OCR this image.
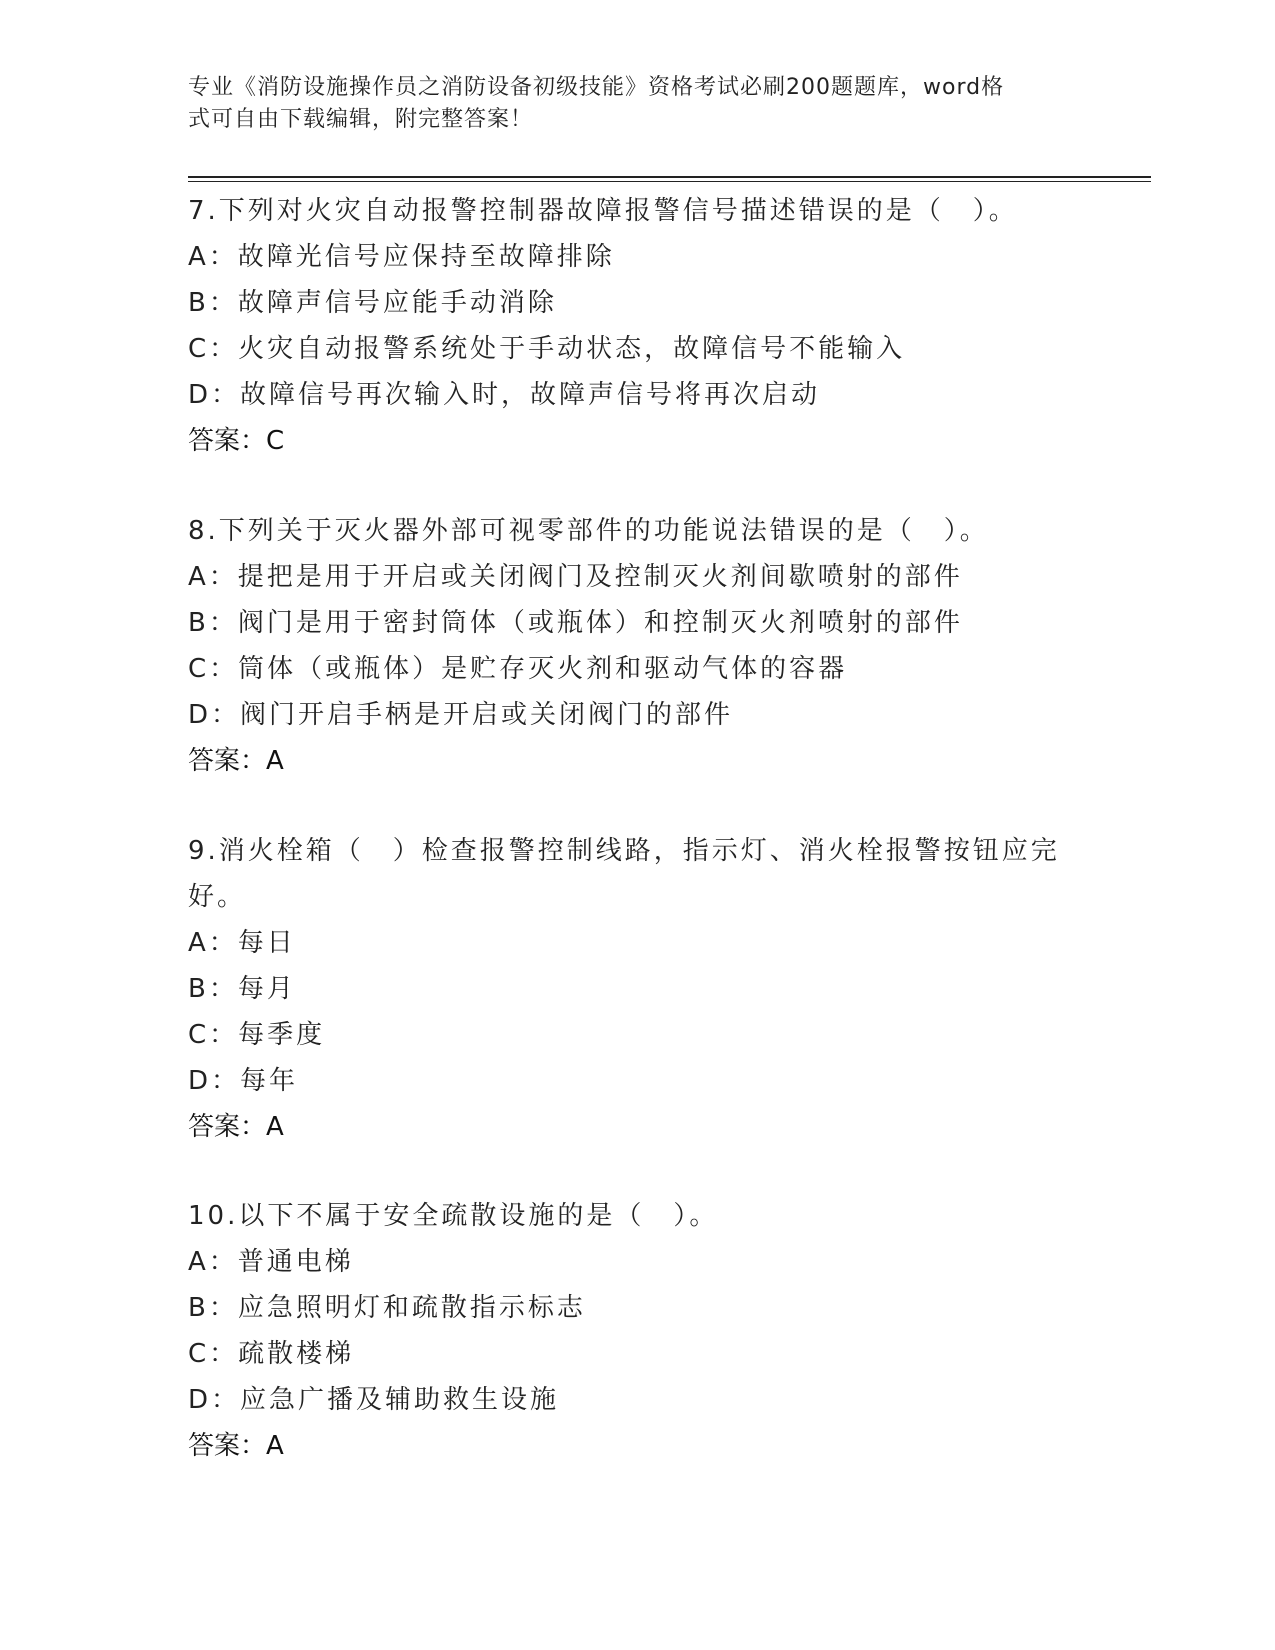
专业《消防设施操作员之消防设备初级技能》资格考试必刷200题题库，word格
式可自由下载编辑，附完整答案！

7.下列对火灾自动报警控制器故障报警信号描述错误的是（　）。

A：故障光信号应保持至故障排除

B：故障声信号应能手动消除

C：火灾自动报警系统处于手动状态，故障信号不能输入

D：故障信号再次输入时，故障声信号将再次启动

答案：C

8.下列关于灭火器外部可视零部件的功能说法错误的是（　）。

A：提把是用于开启或关闭阀门及控制灭火剂间歇喷射的部件

B：阀门是用于密封筒体（或瓶体）和控制灭火剂喷射的部件

C：筒体（或瓶体）是贮存灭火剂和驱动气体的容器

D：阀门开启手柄是开启或关闭阀门的部件

答案：A

9.消火栓箱（　）检查报警控制线路，指示灯、消火栓报警按钮应完

好。

A：每日

B：每月

C：每季度

D：每年

答案：A

10.以下不属于安全疏散设施的是（　）。

A：普通电梯

B：应急照明灯和疏散指示标志

C：疏散楼梯

D：应急广播及辅助救生设施

答案：A
